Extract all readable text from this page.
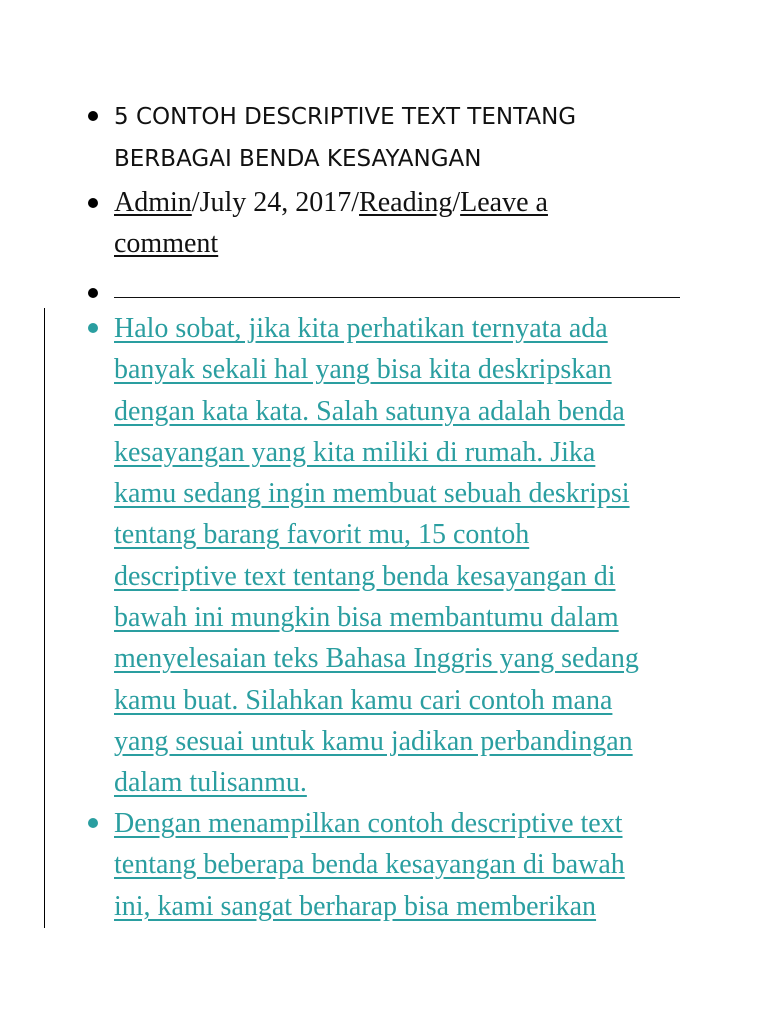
5 CONTOH DESCRIPTIVE TEXT TENTANG
BERBAGAI BENDA KESAYANGAN
Admin/July 24, 2017/Reading/Leave a
comment
Halo sobat, jika kita perhatikan ternyata ada
banyak sekali hal yang bisa kita deskripskan
dengan kata kata. Salah satunya adalah benda
kesayangan yang kita miliki di rumah. Jika
kamu sedang ingin membuat sebuah deskripsi
tentang barang favorit mu, 15 contoh
descriptive text tentang benda kesayangan di
bawah ini mungkin bisa membantumu dalam
menyelesaian teks Bahasa Inggris yang sedang
kamu buat. Silahkan kamu cari contoh mana
yang sesuai untuk kamu jadikan perbandingan
dalam tulisanmu.
Dengan menampilkan contoh descriptive text
tentang beberapa benda kesayangan di bawah
ini, kami sangat berharap bisa memberikan
